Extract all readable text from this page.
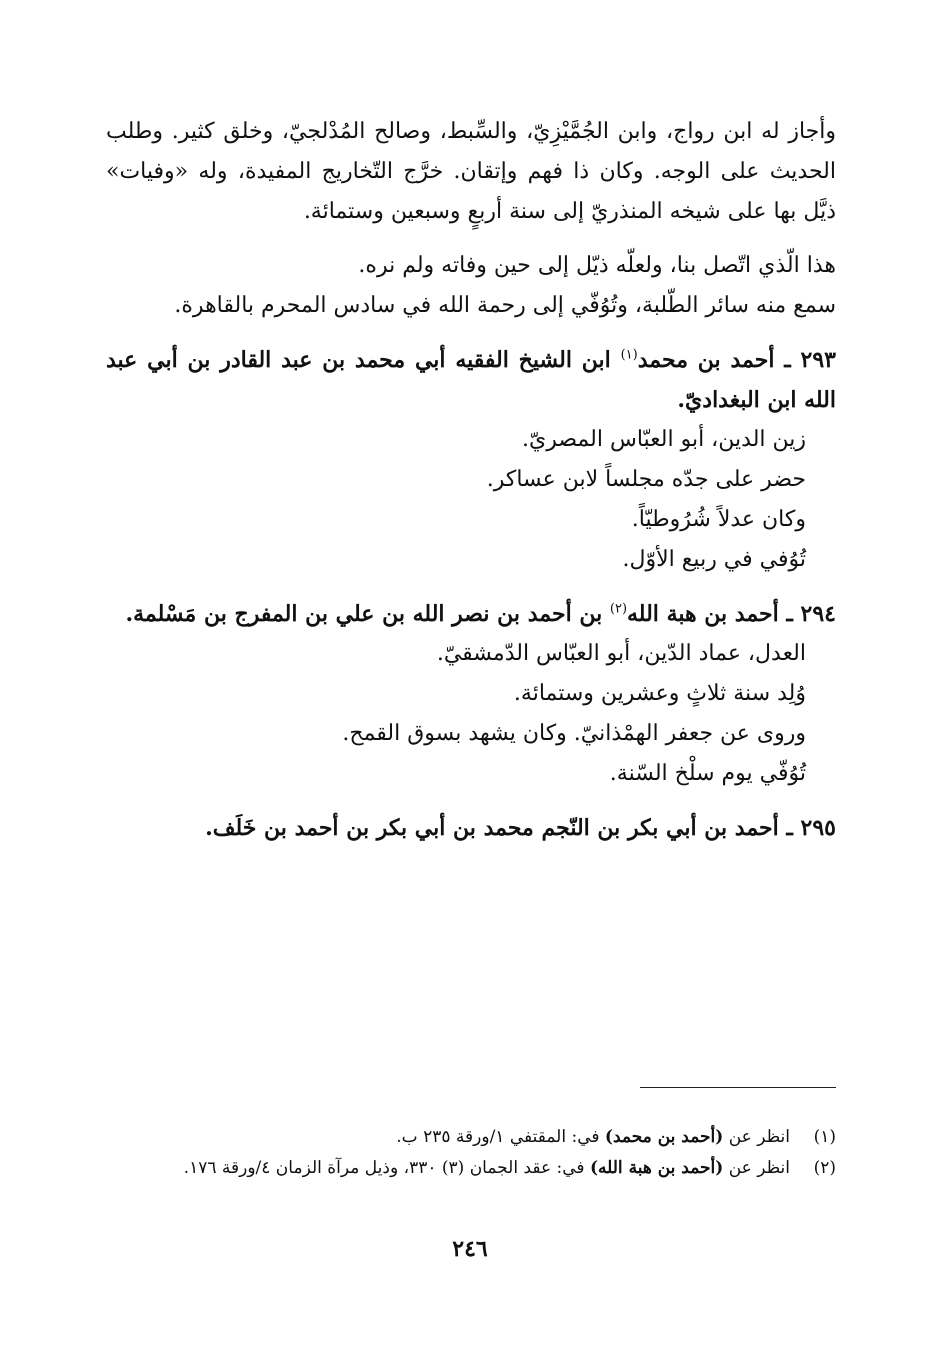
وأجاز له ابن رواج، وابن الجُمَّيْزِيّ، والسِّبط، وصالح المُدْلجيّ، وخلق كثير. وطلب الحديث على الوجه. وكان ذا فهم وإتقان. خرَّج التّخاريج المفيدة، وله «وفيات» ذيَّل بها على شيخه المنذريّ إلى سنة أربعٍ وسبعين وستمائة.

هذا الّذي اتّصل بنا، ولعلّه ذيّل إلى حين وفاته ولم نره.

سمع منه سائر الطّلبة، وتُوُفّي إلى رحمة الله في سادس المحرم بالقاهرة.

٢٩٣ ـ أحمد بن محمد$^{(١)}$ ابن الشيخ الفقيه أبي محمد بن عبد القادر بن أبي عبد الله ابن البغداديّ.

زين الدين، أبو العبّاس المصريّ.

حضر على جدّه مجلساً لابن عساكر.

وكان عدلاً شُرُوطيّاً.

تُوُفي في ربيع الأوّل.

٢٩٤ ـ أحمد بن هبة الله$^{(٢)}$ بن أحمد بن نصر الله بن علي بن المفرج بن مَسْلمة.

العدل، عماد الدّين، أبو العبّاس الدّمشقيّ.

وُلِد سنة ثلاثٍ وعشرين وستمائة.

وروى عن جعفر الهمْذانيّ. وكان يشهد بسوق القمح.

تُوُفّي يوم سلْخ السّنة.

٢٩٥ ـ أحمد بن أبي بكر بن النّجم محمد بن أبي بكر بن أحمد بن خَلَف.

(١)انظر عن (أحمد بن محمد) في: المقتفي ١/ورقة ٢٣٥ ب.

(٢)انظر عن (أحمد بن هبة الله) في: عقد الجمان (٣) ٣٣٠، وذيل مرآة الزمان ٤/ورقة ١٧٦.

٢٤٦
